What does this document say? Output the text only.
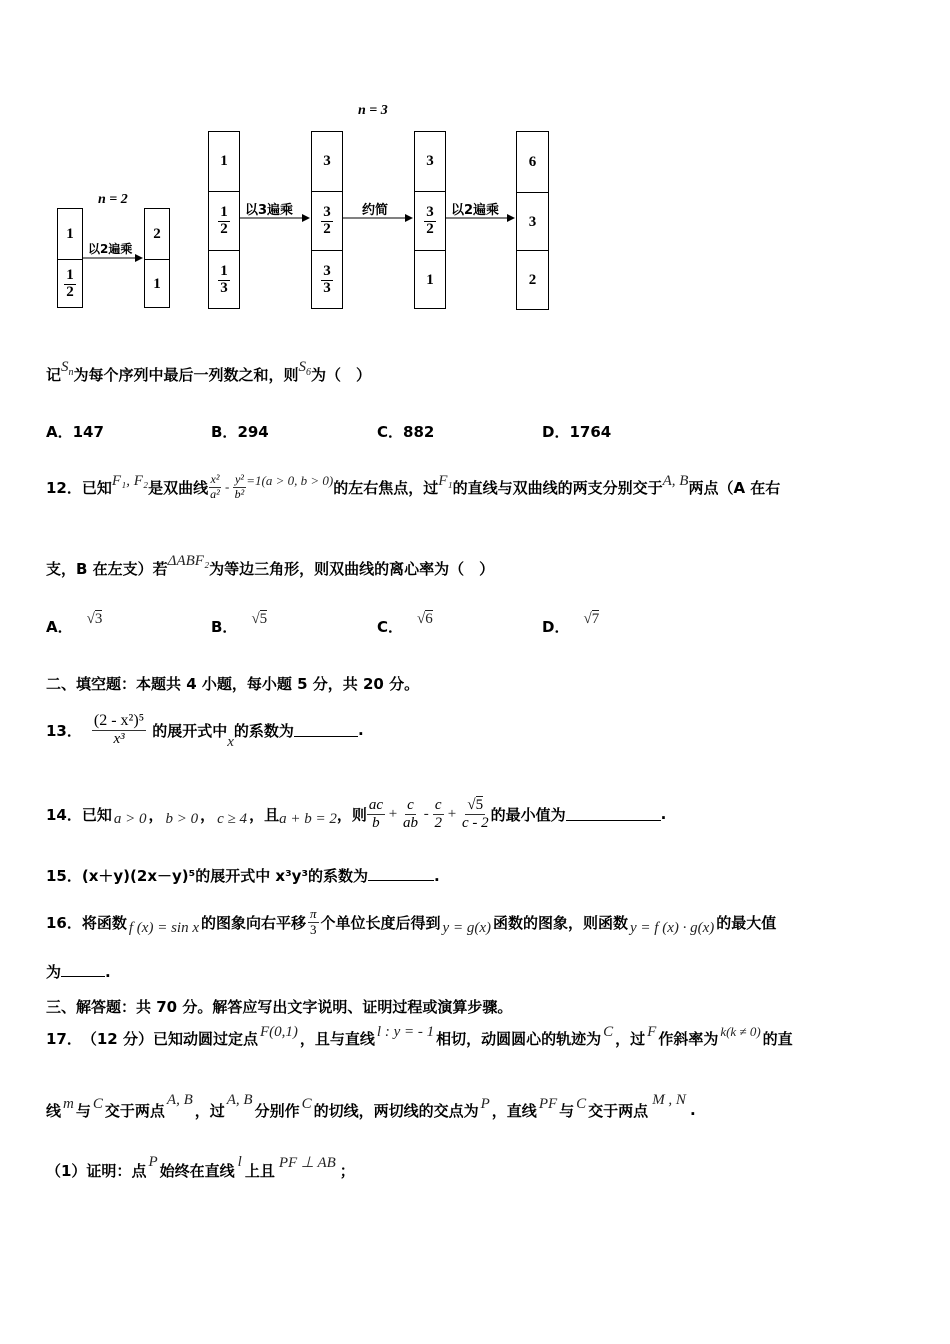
n = 2
n = 3
1
$\frac{1}{2}$
2
1
以2遍乘
1
$\frac{1}{2}$
$\frac{1}{3}$
3
$\frac{3}{2}$
$\frac{3}{3}$
3
$\frac{3}{2}$
1
6
3
2
以3遍乘	约简	以2遍乘
记$S_n$为每个序列中最后一列数之和，则$S_6$为（　）
A．147	B．294	C．882	D．1764
12． 已知 F₁, F₂ 是双曲线 x²
$a^2 - \frac{\text{y²}}{\text{b²}} =1(a > 0$, b > 0) 的左右焦点，过 F₁ 的直线与双曲线的两支分别交于 A, B 两点（A 在右
支，B 在左支）若ΔABF₂为等边三角形，则双曲线的离心率为（　）
A． √3	B． √5	C． √6	D． √7
二、填空题：本题共 4 小题，每小题 5 分，共 20 分。
13．
(2 - x²)⁵
x³ 的展开式中
x
的系数为	.
14． 已知 a > 0 ， b > 0 ， c ≥ 4 ，且 a + b = 2 ，则
ac
b
+ $\frac{c}{ab}$ -
c
2
+ $\frac{√5}{c - 2}$ 的最小值为	.
15．(x＋y)(2x－y)⁵的展开式中 x³y³的系数为	.
16． 将函数 f (x) = sin x 的图象向右平移 π
3 个单位长度后得到 y = g(x) 函数的图象，则函数 y = f (x) · g(x) 的最大值
为	.
三、解答题：共 70 分。解答应写出文字说明、证明过程或演算步骤。
17． （12 分）已知动圆过定点 F(0,1) ，且与直线 l : y = - 1 相切，动圆圆心的轨迹为 C ，过 F 作斜率为 k(k ≠ 0) 的直
线 m 与 C 交于两点
A, B
，过
A, B
分别作 C 的切线，两切线的交点为 P ，直线 PF 与 C 交于两点
M , N
.
（1）证明：点 P 始终在直线 l 上且 PF ⊥ AB ；
